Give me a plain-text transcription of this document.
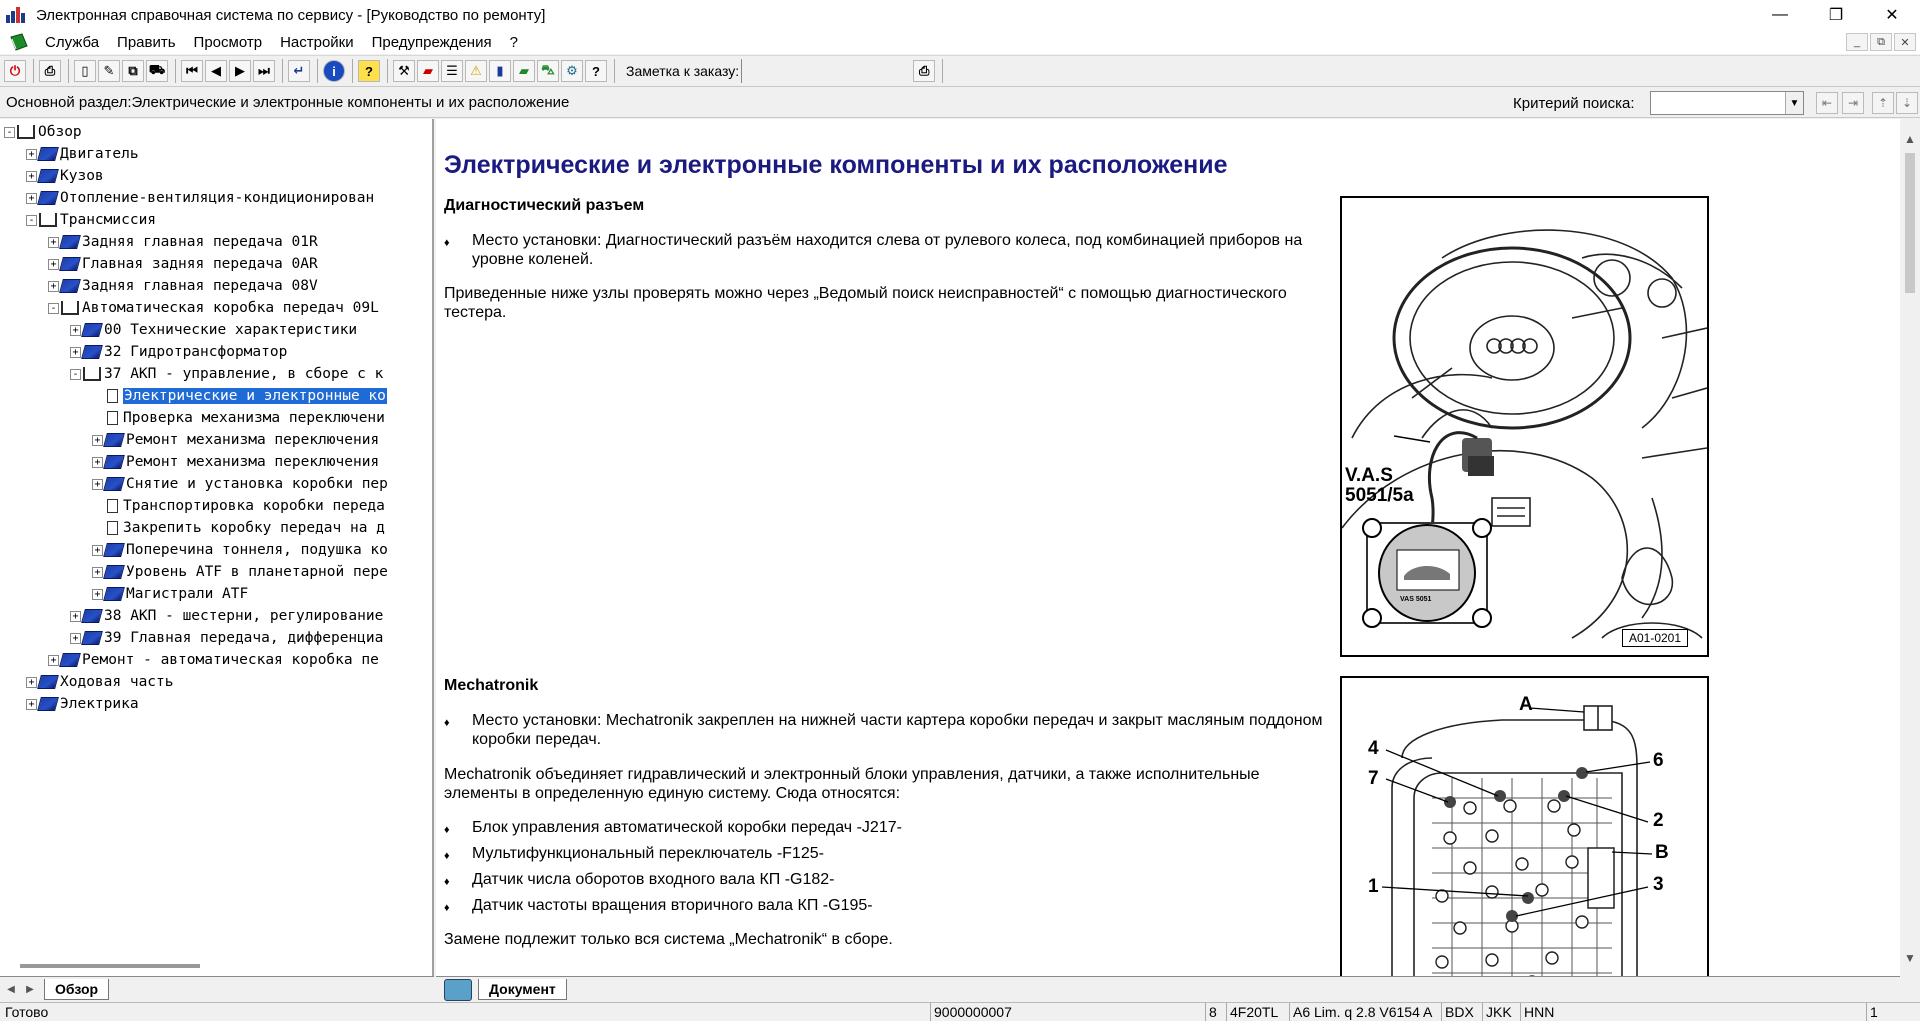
Электронная справочная система по сервису - [Руководство по ремонту]	—	❐	✕
Служба	Править	Просмотр	Настройки	Предупреждения	?	_	⧉	✕
⏻	⎙	▯	✎	⧉ ⛟	⏮	◀	▶	⏭	↵	i	?	⚒	▰	☰ ⚠	▮	▰ ⛍ ⚙	?	Заметка к заказу:	⎙
Основной раздел:Электрические и электронные компоненты и их расположение	Критерий поиска:	▼	⇤	⇥	⇡	⇣
- Обзор
+ Двигатель
+ Кузов
+ Отопление-вентиляция-кондиционирован
- Трансмиссия
+ Задняя главная передача 01R
+ Главная задняя передача 0AR
+ Задняя главная передача 08V
- Автоматическая коробка передач 09L
+ 00 Технические характеристики
+ 32 Гидротрансформатор
- 37 АКП - управление, в сборе с к
Электрические и электронные ко
Проверка механизма переключени
+ Ремонт механизма переключения
+ Ремонт механизма переключения
+ Снятие и установка коробки пер
Транспортировка коробки переда
Закрепить коробку передач на д
+ Поперечина тоннеля, подушка ко
+ Уровень ATF в планетарной пере
+ Магистрали ATF
+ 38 АКП - шестерни, регулирование
+ 39 Главная передача, дифференциа
+ Ремонт - автоматическая коробка пе
+ Ходовая часть
+ Электрика
◀	▶	Обзор
Электрические и электронные компоненты и их расположение
Диагностический разъем
♦	Место установки: Диагностический разъём находится слева от рулевого колеса, под комбинацией приборов на уровне коленей.
Приведенные ниже узлы проверять можно через „Ведомый поиск неисправностей“ с помощью диагностического тестера.
V.A.S
5051/5a
VAS 5051
A01-0201
Mechatronik
♦	Место установки: Mechatronik закреплен на нижней части картера коробки передач и закрыт масляным поддоном коробки передач.
Mechatronik объединяет гидравлический и электронный блоки управления, датчики, а также исполнительные элементы в определенную единую систему. Сюда относятся:
♦	Блок управления автоматической коробки передач -J217-
♦	Мультифункциональный переключатель -F125-
♦	Датчик числа оборотов входного вала КП -G182-
♦	Датчик частоты вращения вторичного вала КП -G195-
Замене подлежит только вся система „Mechatronik“ в сборе.
A
4
7
6
2
B
1	3
▲
▼
Документ
Готово	9000000007	8 4F20TL	A6 Lim. q 2.8 V6154 A BDX JKK HNN	1
